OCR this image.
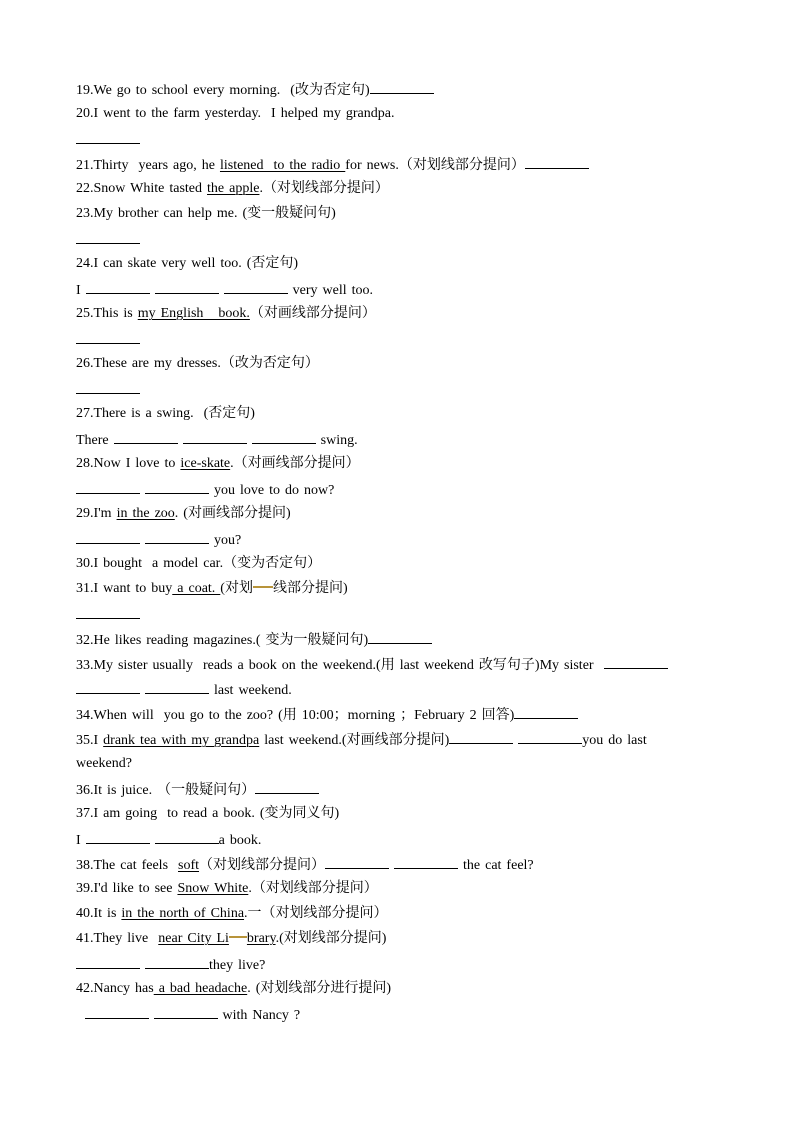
19.We go to school every morning.  (改为否定句)
20.I went to the farm yesterday.  I helped my grandpa.
21.Thirty  years ago, he listened  to the radio for news.（对划线部分提问）
22.Snow White tasted the apple.（对划线部分提问）
23.My brother can help me. (变一般疑问句)
24.I can skate very well too. (否定句)
I	very well too.
25.This is my English   book.（对画线部分提问）
26.These are my dresses.（改为否定句）
27.There is a swing.  (否定句)
There	swing.
28.Now I love to ice-skate.（对画线部分提问）
you love to do now?
29.I'm in the zoo. (对画线部分提问)
you?
30.I bought  a model car.（变为否定句）
31.I want to buy a coat. (对划 线部分提问)
32.He likes reading magazines.( 变为一般疑问句)
33.My sister usually  reads a book on the weekend.(用 last weekend 改写句子)My sister
last weekend.
34.When will  you go to the zoo? (用 10:00；morning ；February 2 回答)
35.I drank tea with my grandpa last weekend.(对画线部分提问)	you do last
weekend?
36.It is juice. （一般疑问句）
37.I am going  to read a book. (变为同义句)
I	a book.
38.The cat feels  soft（对划线部分提问）	the cat feel?
39.I'd like to see Snow White.（对划线部分提问）
40.It is in the north of China.一（对划线部分提问）
41.They live  near City Li brary.(对划线部分提问)
they live?
42.Nancy has a bad headache. (对划线部分进行提问)
with Nancy ?
